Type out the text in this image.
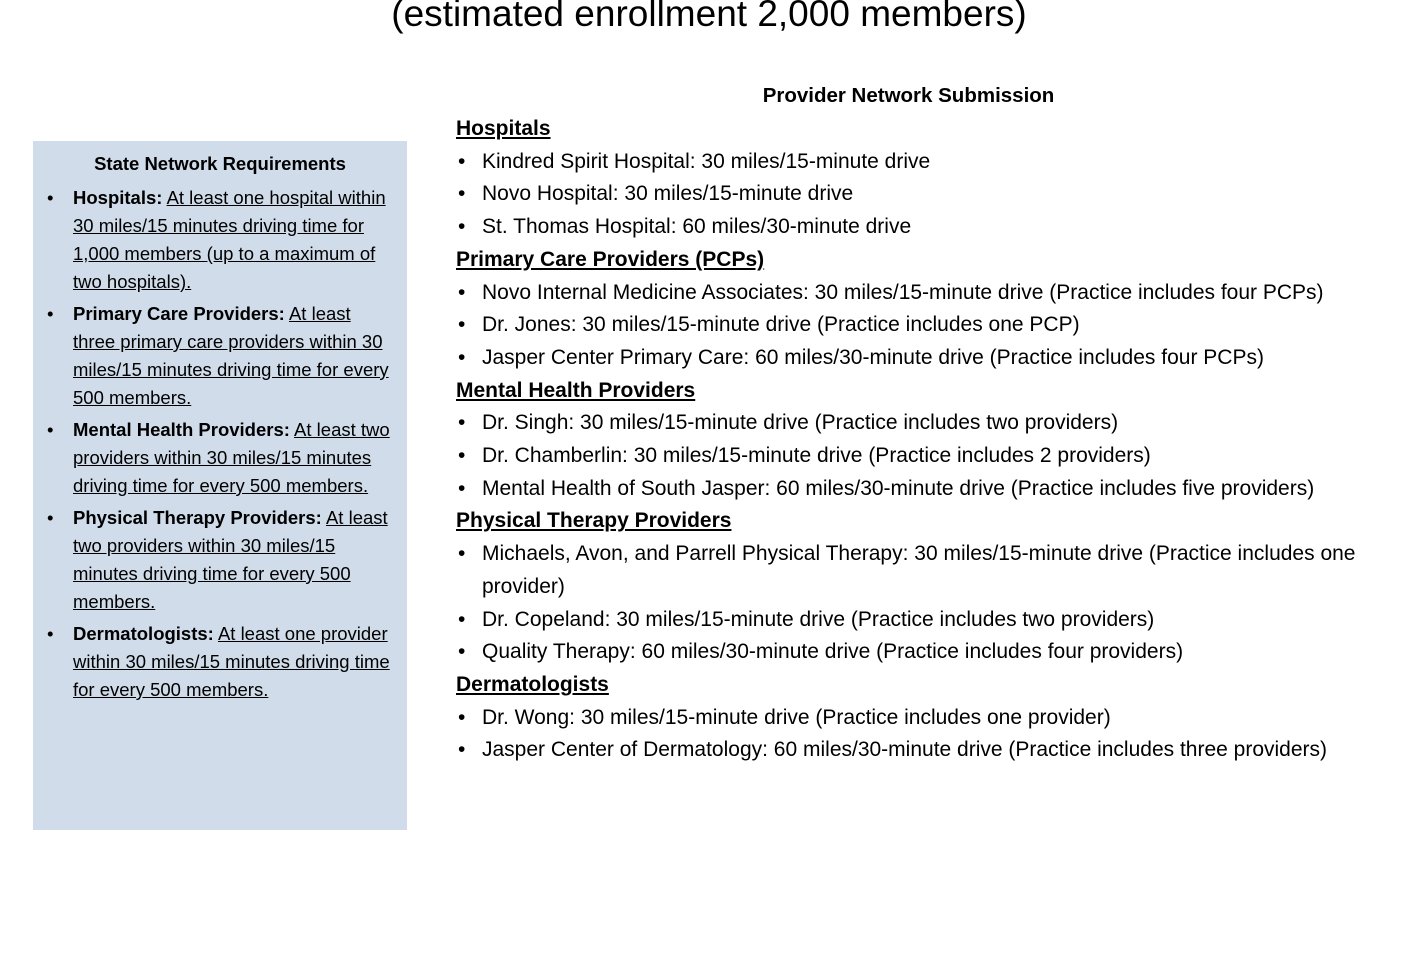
(estimated enrollment 2,000 members)
State Network Requirements
• Hospitals: At least one hospital within 30 miles/15 minutes driving time for 1,000 members (up to a maximum of two hospitals).
• Primary Care Providers: At least three primary care providers within 30 miles/15 minutes driving time for every 500 members.
• Mental Health Providers: At least two providers within 30 miles/15 minutes driving time for every 500 members.
• Physical Therapy Providers: At least two providers within 30 miles/15 minutes driving time for every 500 members.
• Dermatologists: At least one provider within 30 miles/15 minutes driving time for every 500 members.
Provider Network Submission
Hospitals
• Kindred Spirit Hospital: 30 miles/15-minute drive
• Novo Hospital: 30 miles/15-minute drive
• St. Thomas Hospital: 60 miles/30-minute drive
Primary Care Providers (PCPs)
• Novo Internal Medicine Associates: 30 miles/15-minute drive (Practice includes four PCPs)
• Dr. Jones: 30 miles/15-minute drive (Practice includes one PCP)
• Jasper Center Primary Care: 60 miles/30-minute drive (Practice includes four PCPs)
Mental Health Providers
• Dr. Singh: 30 miles/15-minute drive (Practice includes two providers)
• Dr. Chamberlin: 30 miles/15-minute drive (Practice includes 2 providers)
• Mental Health of South Jasper: 60 miles/30-minute drive (Practice includes five providers)
Physical Therapy Providers
• Michaels, Avon, and Parrell Physical Therapy: 30 miles/15-minute drive (Practice includes one provider)
• Dr. Copeland: 30 miles/15-minute drive (Practice includes two providers)
• Quality Therapy: 60 miles/30-minute drive (Practice includes four providers)
Dermatologists
• Dr. Wong: 30 miles/15-minute drive (Practice includes one provider)
• Jasper Center of Dermatology: 60 miles/30-minute drive (Practice includes three providers)
